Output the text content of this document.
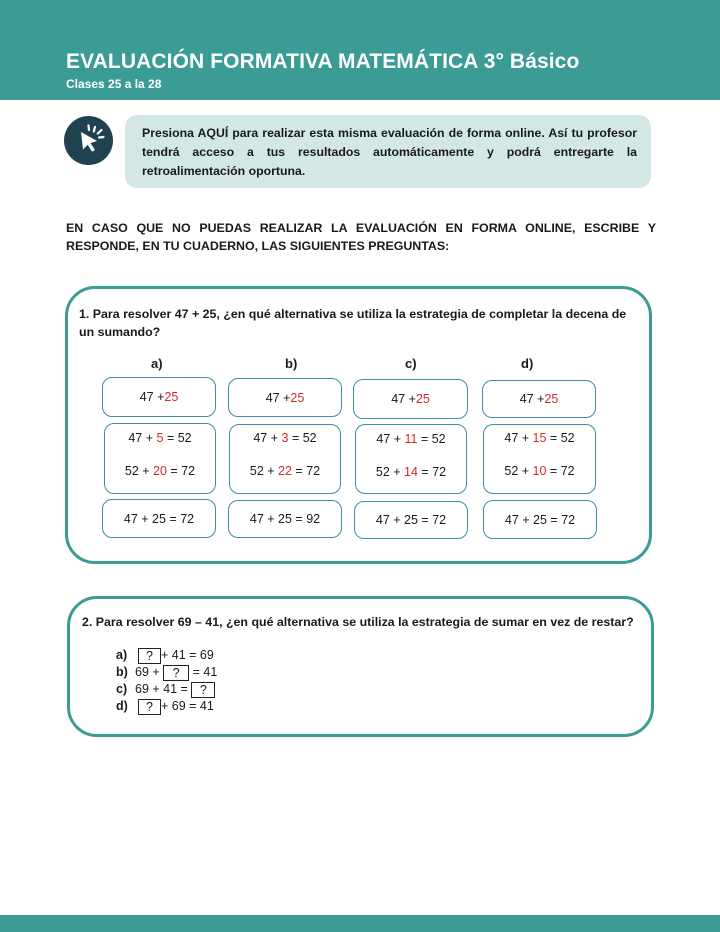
EVALUACIÓN FORMATIVA MATEMÁTICA 3° Básico
Clases 25 a la 28

Presiona AQUÍ para realizar esta misma evaluación de forma online. Así tu profesor tendrá acceso a tus resultados automáticamente y podrá entregarte la retroalimentación oportuna.

EN CASO QUE NO PUEDAS REALIZAR LA EVALUACIÓN EN FORMA ONLINE, ESCRIBE Y RESPONDE, EN TU CUADERNO, LAS SIGUIENTES PREGUNTAS:
1. Para resolver 47 + 25, ¿en qué alternativa se utiliza la estrategia de completar la decena de un sumando?
a)	b)	c)	d)
47 + 25
47 + 5 = 52
52 + 20 = 72
47 + 25 = 72
47 + 25
47 + 3 = 52
52 + 22 = 72
47 + 25 = 92
47 + 25
47 + 11 = 52
52 + 14 = 72
47 + 25 = 72
47 + 25
47 + 15 = 52
52 + 10 = 72
47 + 25 = 72
2. Para resolver 69 – 41, ¿en qué alternativa se utiliza la estrategia de sumar en vez de restar?
a) ? + 41 = 69
b) 69 + ? = 41
c) 69 + 41 = ?
d) ? + 69 = 41
